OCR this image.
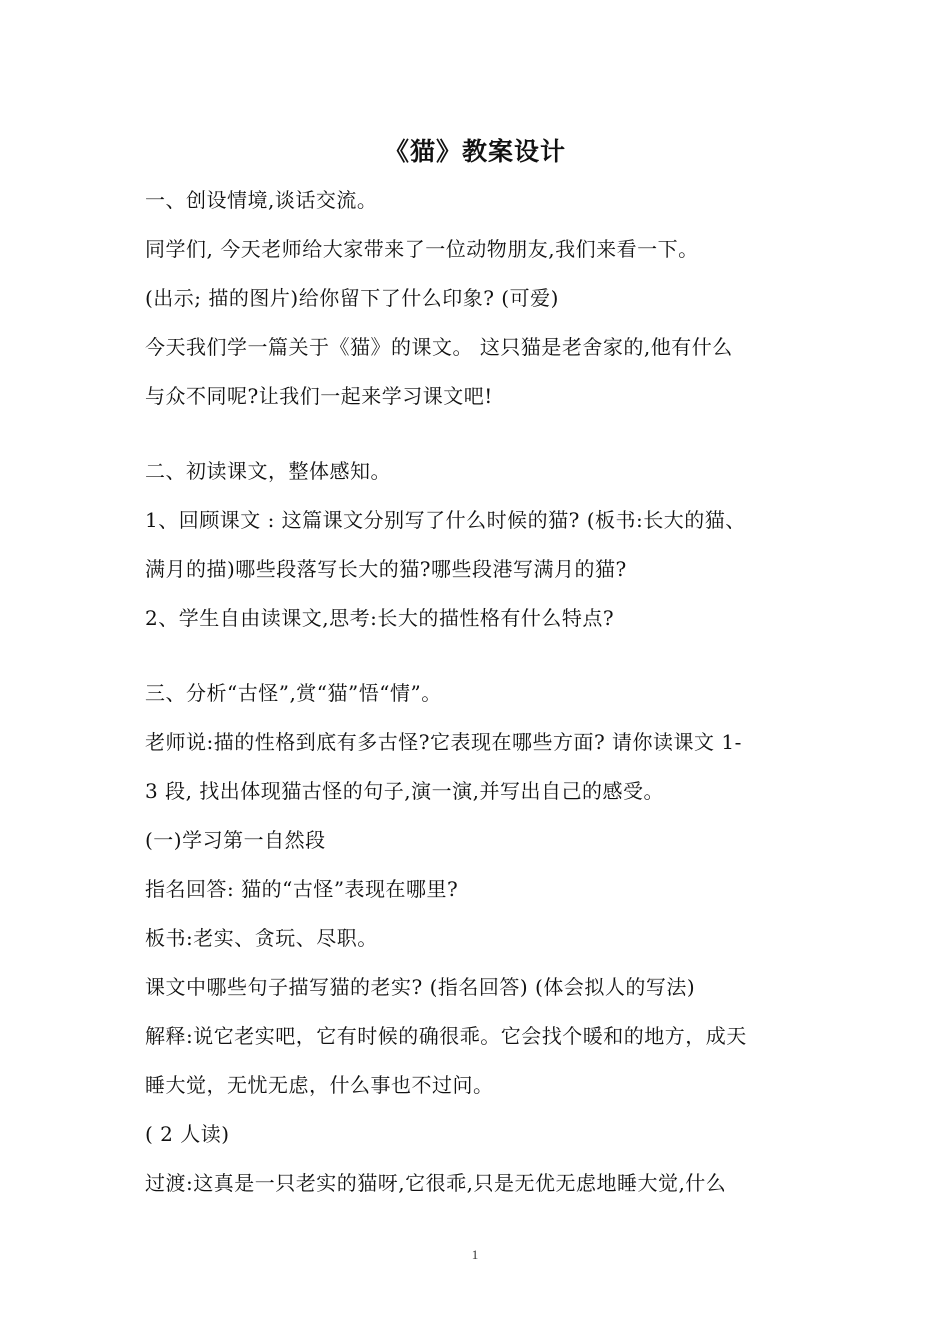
《猫》教案设计
一、创设情境,谈话交流。
同学们, 今天老师给大家带来了一位动物朋友,我们来看一下。
(出示; 描的图片)给你留下了什么印象? (可爱)
今天我们学一篇关于《猫》的课文。 这只猫是老舍家的,他有什么
与众不同呢?让我们一起来学习课文吧!
二、初读课文，整体感知。
1、回顾课文 : 这篇课文分别写了什么时候的猫? (板书:长大的猫、
满月的描)哪些段落写长大的猫?哪些段港写满月的猫?
2、学生自由读课文,思考:长大的描性格有什么特点?
三、分析“古怪”,赏“猫”悟“情”。
老师说:描的性格到底有多古怪?它表现在哪些方面? 请你读课文 1-
3 段, 找出体现猫古怪的句子,演一演,并写出自己的感受。
(一)学习第一自然段
指名回答: 猫的“古怪”表现在哪里?
板书:老实、贪玩、尽职。
课文中哪些句子描写猫的老实? (指名回答) (体会拟人的写法)
解释:说它老实吧，它有时候的确很乖。它会找个暖和的地方，成天
睡大觉，无忧无虑，什么事也不过问。
( 2 人读)
过渡:这真是一只老实的猫呀,它很乖,只是无优无虑地睡大觉,什么
1
